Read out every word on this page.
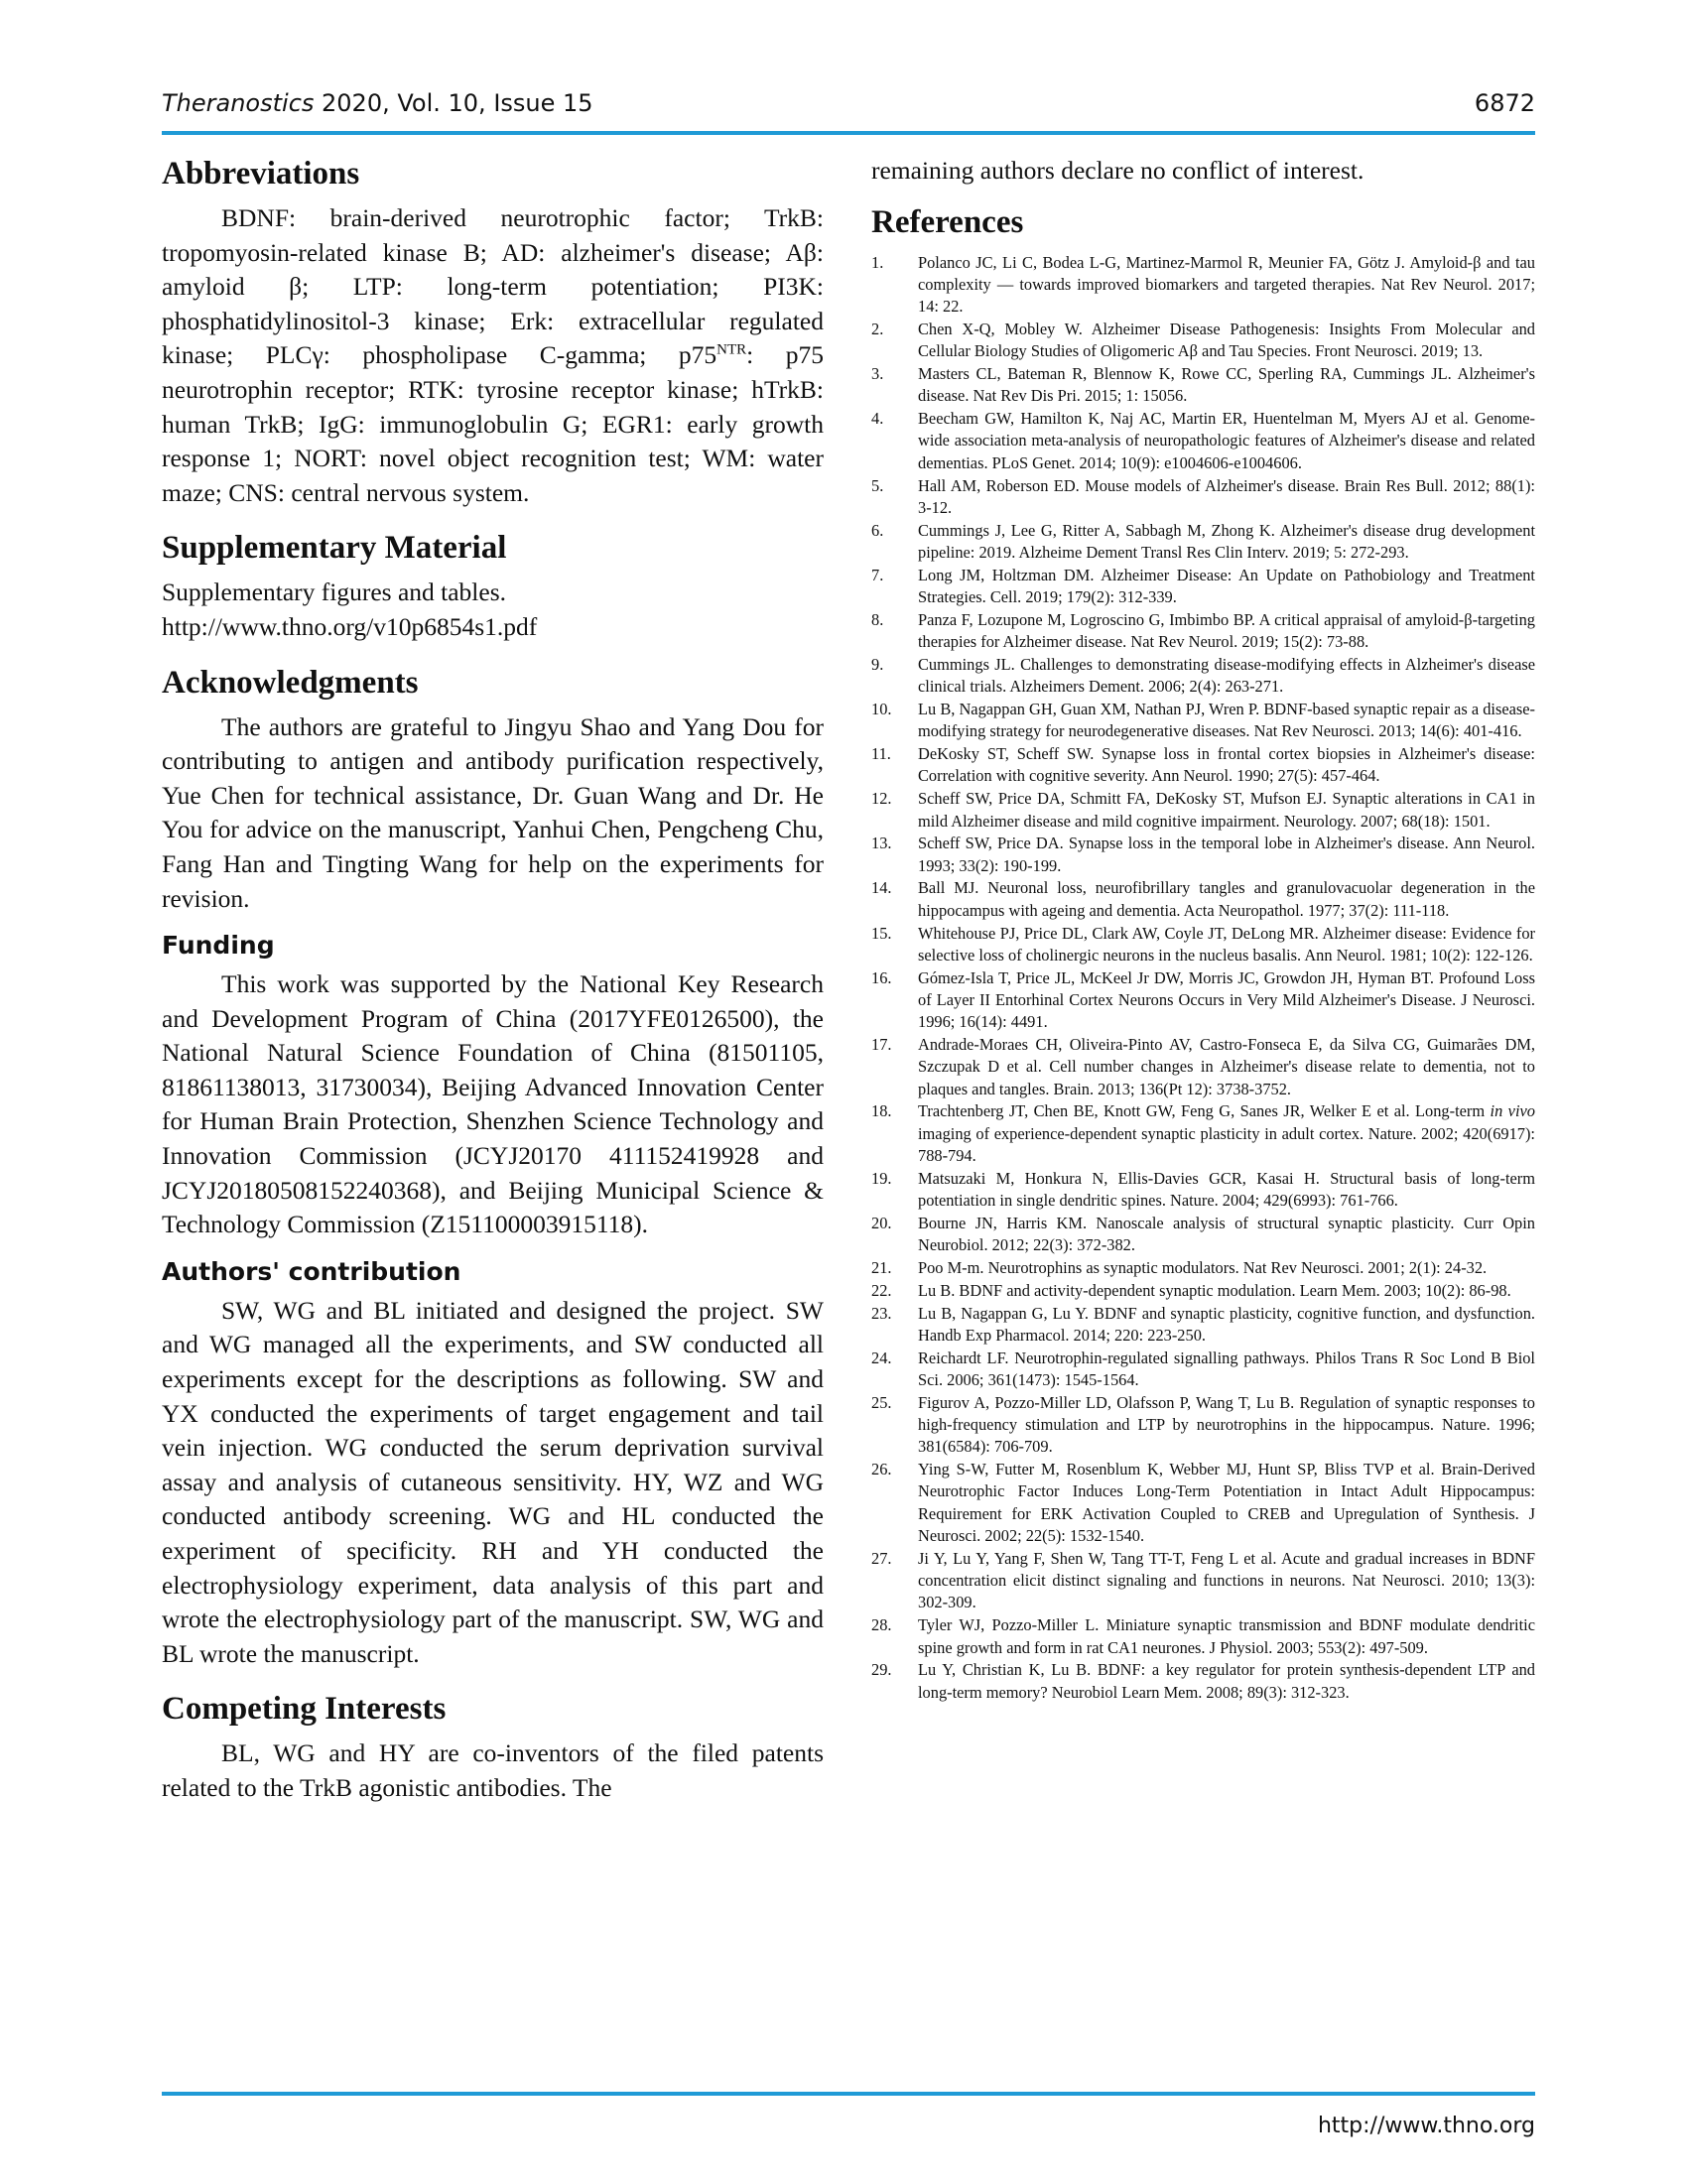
Theranostics 2020, Vol. 10, Issue 15	6872
Abbreviations

BDNF: brain-derived neurotrophic factor; TrkB: tropomyosin-related kinase B; AD: alzheimer's disease; Aβ: amyloid β; LTP: long-term potentiation; PI3K: phosphatidylinositol-3 kinase; Erk: extracellular regulated kinase; PLCγ: phospholipase C-gamma; $p75^{NTR}$: p75 neurotrophin receptor; RTK: tyrosine receptor kinase; hTrkB: human TrkB; IgG: immunoglobulin G; EGR1: early growth response 1; NORT: novel object recognition test; WM: water maze; CNS: central nervous system.

Supplementary Material

Supplementary figures and tables.

http://www.thno.org/v10p6854s1.pdf

Acknowledgments

The authors are grateful to Jingyu Shao and Yang Dou for contributing to antigen and antibody purification respectively, Yue Chen for technical assistance, Dr. Guan Wang and Dr. He You for advice on the manuscript, Yanhui Chen, Pengcheng Chu, Fang Han and Tingting Wang for help on the experiments for revision.

Funding

This work was supported by the National Key Research and Development Program of China (2017YFE0126500), the National Natural Science Foundation of China (81501105, 81861138013, 31730034), Beijing Advanced Innovation Center for Human Brain Protection, Shenzhen Science Technology and Innovation Commission (JCYJ20170 411152419928 and JCYJ20180508152240368), and Beijing Municipal Science & Technology Commission (Z151100003915118).

Authors' contribution

SW, WG and BL initiated and designed the project. SW and WG managed all the experiments, and SW conducted all experiments except for the descriptions as following. SW and YX conducted the experiments of target engagement and tail vein injection. WG conducted the serum deprivation survival assay and analysis of cutaneous sensitivity. HY, WZ and WG conducted antibody screening. WG and HL conducted the experiment of specificity. RH and YH conducted the electrophysiology experiment, data analysis of this part and wrote the electrophysiology part of the manuscript. SW, WG and BL wrote the manuscript.

Competing Interests

BL, WG and HY are co-inventors of the filed patents related to the TrkB agonistic antibodies. The

remaining authors declare no conflict of interest.

References
1.	Polanco JC, Li C, Bodea L-G, Martinez-Marmol R, Meunier FA, Götz J. Amyloid-β and tau complexity — towards improved biomarkers and targeted therapies. Nat Rev Neurol. 2017; 14: 22.
2.	Chen X-Q, Mobley W. Alzheimer Disease Pathogenesis: Insights From Molecular and Cellular Biology Studies of Oligomeric Aβ and Tau Species. Front Neurosci. 2019; 13.
3.	Masters CL, Bateman R, Blennow K, Rowe CC, Sperling RA, Cummings JL. Alzheimer's disease. Nat Rev Dis Pri. 2015; 1: 15056.
4.	Beecham GW, Hamilton K, Naj AC, Martin ER, Huentelman M, Myers AJ et al. Genome-wide association meta-analysis of neuropathologic features of Alzheimer's disease and related dementias. PLoS Genet. 2014; 10(9): e1004606-e1004606.
5.	Hall AM, Roberson ED. Mouse models of Alzheimer's disease. Brain Res Bull. 2012; 88(1): 3-12.
6.	Cummings J, Lee G, Ritter A, Sabbagh M, Zhong K. Alzheimer's disease drug development pipeline: 2019. Alzheime Dement Transl Res Clin Interv. 2019; 5: 272-293.
7.	Long JM, Holtzman DM. Alzheimer Disease: An Update on Pathobiology and Treatment Strategies. Cell. 2019; 179(2): 312-339.
8.	Panza F, Lozupone M, Logroscino G, Imbimbo BP. A critical appraisal of amyloid-β-targeting therapies for Alzheimer disease. Nat Rev Neurol. 2019; 15(2): 73-88.
9.	Cummings JL. Challenges to demonstrating disease-modifying effects in Alzheimer's disease clinical trials. Alzheimers Dement. 2006; 2(4): 263-271.
10.	Lu B, Nagappan GH, Guan XM, Nathan PJ, Wren P. BDNF-based synaptic repair as a disease-modifying strategy for neurodegenerative diseases. Nat Rev Neurosci. 2013; 14(6): 401-416.
11.	DeKosky ST, Scheff SW. Synapse loss in frontal cortex biopsies in Alzheimer's disease: Correlation with cognitive severity. Ann Neurol. 1990; 27(5): 457-464.
12.	Scheff SW, Price DA, Schmitt FA, DeKosky ST, Mufson EJ. Synaptic alterations in CA1 in mild Alzheimer disease and mild cognitive impairment. Neurology. 2007; 68(18): 1501.
13.	Scheff SW, Price DA. Synapse loss in the temporal lobe in Alzheimer's disease. Ann Neurol. 1993; 33(2): 190-199.
14.	Ball MJ. Neuronal loss, neurofibrillary tangles and granulovacuolar degeneration in the hippocampus with ageing and dementia. Acta Neuropathol. 1977; 37(2): 111-118.
15.	Whitehouse PJ, Price DL, Clark AW, Coyle JT, DeLong MR. Alzheimer disease: Evidence for selective loss of cholinergic neurons in the nucleus basalis. Ann Neurol. 1981; 10(2): 122-126.
16.	Gómez-Isla T, Price JL, McKeel Jr DW, Morris JC, Growdon JH, Hyman BT. Profound Loss of Layer II Entorhinal Cortex Neurons Occurs in Very Mild Alzheimer's Disease. J Neurosci. 1996; 16(14): 4491.
17.	Andrade-Moraes CH, Oliveira-Pinto AV, Castro-Fonseca E, da Silva CG, Guimarães DM, Szczupak D et al. Cell number changes in Alzheimer's disease relate to dementia, not to plaques and tangles. Brain. 2013; 136(Pt 12): 3738-3752.
18.	Trachtenberg JT, Chen BE, Knott GW, Feng G, Sanes JR, Welker E et al. Long-term in vivo imaging of experience-dependent synaptic plasticity in adult cortex. Nature. 2002; 420(6917): 788-794.
19.	Matsuzaki M, Honkura N, Ellis-Davies GCR, Kasai H. Structural basis of long-term potentiation in single dendritic spines. Nature. 2004; 429(6993): 761-766.
20.	Bourne JN, Harris KM. Nanoscale analysis of structural synaptic plasticity. Curr Opin Neurobiol. 2012; 22(3): 372-382.
21.	Poo M-m. Neurotrophins as synaptic modulators. Nat Rev Neurosci. 2001; 2(1): 24-32.
22.	Lu B. BDNF and activity-dependent synaptic modulation. Learn Mem. 2003; 10(2): 86-98.
23.	Lu B, Nagappan G, Lu Y. BDNF and synaptic plasticity, cognitive function, and dysfunction. Handb Exp Pharmacol. 2014; 220: 223-250.
24.	Reichardt LF. Neurotrophin-regulated signalling pathways. Philos Trans R Soc Lond B Biol Sci. 2006; 361(1473): 1545-1564.
25.	Figurov A, Pozzo-Miller LD, Olafsson P, Wang T, Lu B. Regulation of synaptic responses to high-frequency stimulation and LTP by neurotrophins in the hippocampus. Nature. 1996; 381(6584): 706-709.
26.	Ying S-W, Futter M, Rosenblum K, Webber MJ, Hunt SP, Bliss TVP et al. Brain-Derived Neurotrophic Factor Induces Long-Term Potentiation in Intact Adult Hippocampus: Requirement for ERK Activation Coupled to CREB and Upregulation of Synthesis. J Neurosci. 2002; 22(5): 1532-1540.
27.	Ji Y, Lu Y, Yang F, Shen W, Tang TT-T, Feng L et al. Acute and gradual increases in BDNF concentration elicit distinct signaling and functions in neurons. Nat Neurosci. 2010; 13(3): 302-309.
28.	Tyler WJ, Pozzo-Miller L. Miniature synaptic transmission and BDNF modulate dendritic spine growth and form in rat CA1 neurones. J Physiol. 2003; 553(2): 497-509.
29.	Lu Y, Christian K, Lu B. BDNF: a key regulator for protein synthesis-dependent LTP and long-term memory? Neurobiol Learn Mem. 2008; 89(3): 312-323.
http://www.thno.org
